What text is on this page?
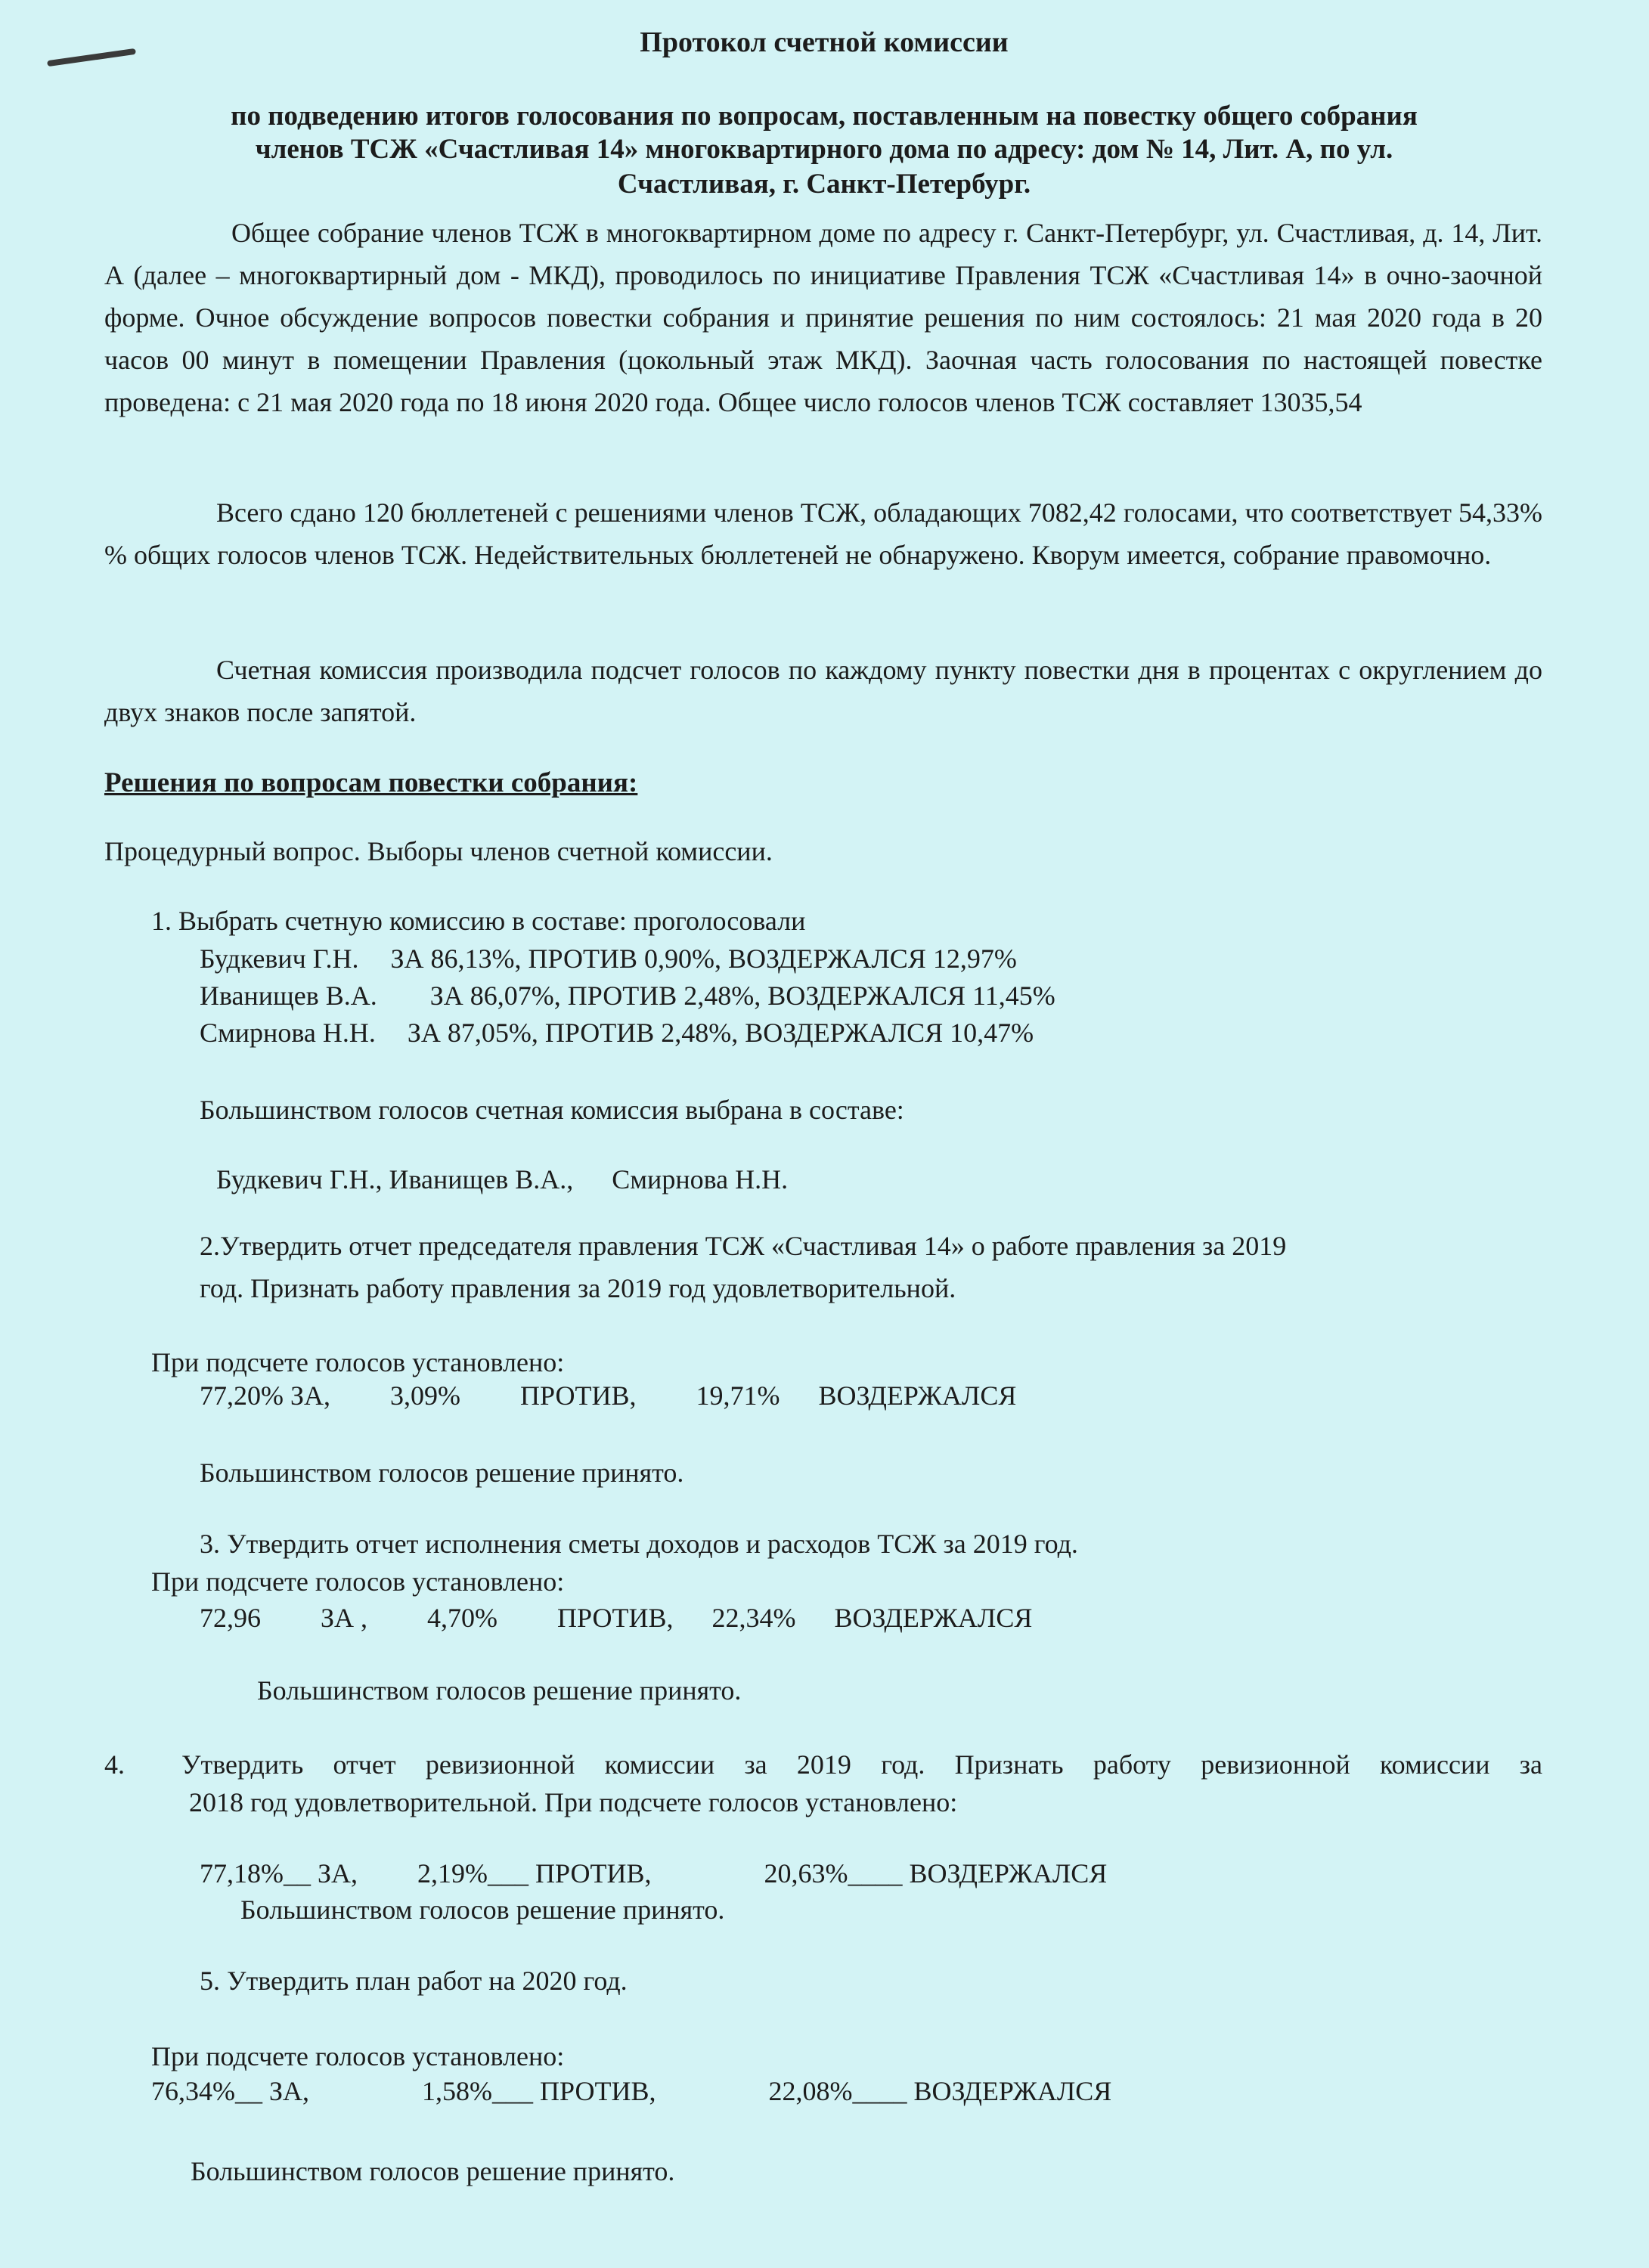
Протокол счетной комиссии
по подведению итогов голосования по вопросам, поставленным на повестку общего собрания
членов ТСЖ «Счастливая 14» многоквартирного дома по адресу: дом № 14, Лит. А, по ул.
Счастливая, г. Санкт-Петербург.
Общее собрание членов ТСЖ в многоквартирном доме по адресу г. Санкт-Петербург, ул. Счастливая, д. 14, Лит. А (далее – многоквартирный дом - МКД), проводилось по инициативе Правления ТСЖ «Счастливая 14» в очно-заочной форме. Очное обсуждение вопросов повестки собрания и принятие решения по ним состоялось: 21 мая 2020 года в 20 часов 00 минут в помещении Правления (цокольный этаж МКД). Заочная часть голосования по настоящей повестке проведена: с 21 мая 2020 года по 18 июня 2020 года. Общее число голосов членов ТСЖ составляет 13035,54
Всего сдано 120 бюллетеней с решениями членов ТСЖ, обладающих 7082,42 голосами, что соответствует 54,33% % общих голосов членов ТСЖ. Недействительных бюллетеней не обнаружено. Кворум имеется, собрание правомочно.
Счетная комиссия производила подсчет голосов по каждому пункту повестки дня в процентах с округлением до двух знаков после запятой.
Решения по вопросам повестки собрания:
Процедурный вопрос. Выборы членов счетной комиссии.
1. Выбрать счетную комиссию в составе: проголосовали
Будкевич Г.Н. ЗА 86,13%, ПРОТИВ 0,90%, ВОЗДЕРЖАЛСЯ 12,97%
Иванищев В.А. ЗА 86,07%, ПРОТИВ 2,48%, ВОЗДЕРЖАЛСЯ 11,45%
Смирнова Н.Н. ЗА 87,05%, ПРОТИВ 2,48%, ВОЗДЕРЖАЛСЯ 10,47%
Большинством голосов счетная комиссия выбрана в составе:
Будкевич Г.Н., Иванищев В.А., Смирнова Н.Н.
2.Утвердить отчет председателя правления ТСЖ «Счастливая 14» о работе правления за 2019
год. Признать работу правления за 2019 год удовлетворительной.
При подсчете голосов установлено:
77,20% ЗА, 3,09% ПРОТИВ, 19,71% ВОЗДЕРЖАЛСЯ
Большинством голосов решение принято.
3. Утвердить отчет исполнения сметы доходов и расходов ТСЖ за 2019 год.
При подсчете голосов установлено:
72,96 ЗА , 4,70% ПРОТИВ, 22,34% ВОЗДЕРЖАЛСЯ
Большинством голосов решение принято.
4. Утвердить отчет ревизионной комиссии за 2019 год. Признать работу ревизионной комиссии за
2018 год удовлетворительной. При подсчете голосов установлено:
77,18%__ ЗА, 2,19%___ ПРОТИВ,	20,63%____ ВОЗДЕРЖАЛСЯ
Большинством голосов решение принято.
5. Утвердить план работ на 2020 год.
При подсчете голосов установлено:
76,34%__ ЗА,	1,58%___ ПРОТИВ,	22,08%____ ВОЗДЕРЖАЛСЯ
Большинством голосов решение принято.
